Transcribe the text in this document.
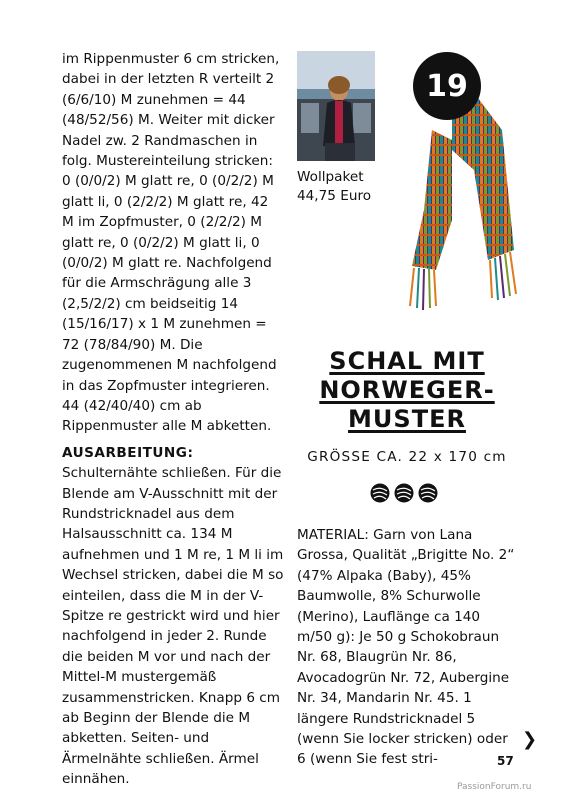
im Rippenmuster 6 cm stricken, dabei in der letzten R verteilt 2 (6/6/10) M zunehmen = 44 (48/52/56) M. Weiter mit dicker Nadel zw. 2 Randmaschen in folg. Mustereinteilung stricken: 0 (0/0/2) M glatt re, 0 (0/2/2) M glatt li, 0 (2/2/2) M glatt re, 42 M im Zopfmuster, 0 (2/2/2) M glatt re, 0 (0/2/2) M glatt li, 0 (0/0/2) M glatt re. Nachfolgend für die Armschrägung alle 3 (2,5/2/2) cm beidseitig 14 (15/16/17) x 1 M zunehmen = 72 (78/84/90) M. Die zugenommenen M nachfolgend in das Zopfmuster integrieren. 44 (42/40/40) cm ab Rippenmuster alle M abketten.

AUSARBEITUNG: Schulternähte schließen. Für die Blende am V-Ausschnitt mit der Rundstricknadel aus dem Halsausschnitt ca. 134 M aufnehmen und 1 M re, 1 M li im Wechsel stricken, dabei die M so einteilen, dass die M in der V-Spitze re gestrickt wird und hier nachfolgend in jeder 2. Runde die beiden M vor und nach der Mittel-M mustergemäß zusammenstricken. Knapp 6 cm ab Beginn der Blende die M abketten. Seiten- und Ärmelnähte schließen. Ärmel einnähen.

Wollpaket
44,75 Euro
19
SCHAL MIT
NORWEGER-
MUSTER
GRÖSSE CA. 22 x 170 cm
MATERIAL: Garn von Lana Grossa, Qualität „Brigitte No. 2“ (47% Alpaka (Baby), 45% Baumwolle, 8% Schurwolle (Merino), Lauflänge ca 140 m/50 g): Je 50 g Schokobraun Nr. 68, Blaugrün Nr. 86, Avocadogrün Nr. 72, Aubergine Nr. 34, Mandarin Nr. 45. 1 längere Rundstricknadel 5 (wenn Sie locker stricken) oder 6 (wenn Sie fest stri-
❯
57
PassionForum.ru
